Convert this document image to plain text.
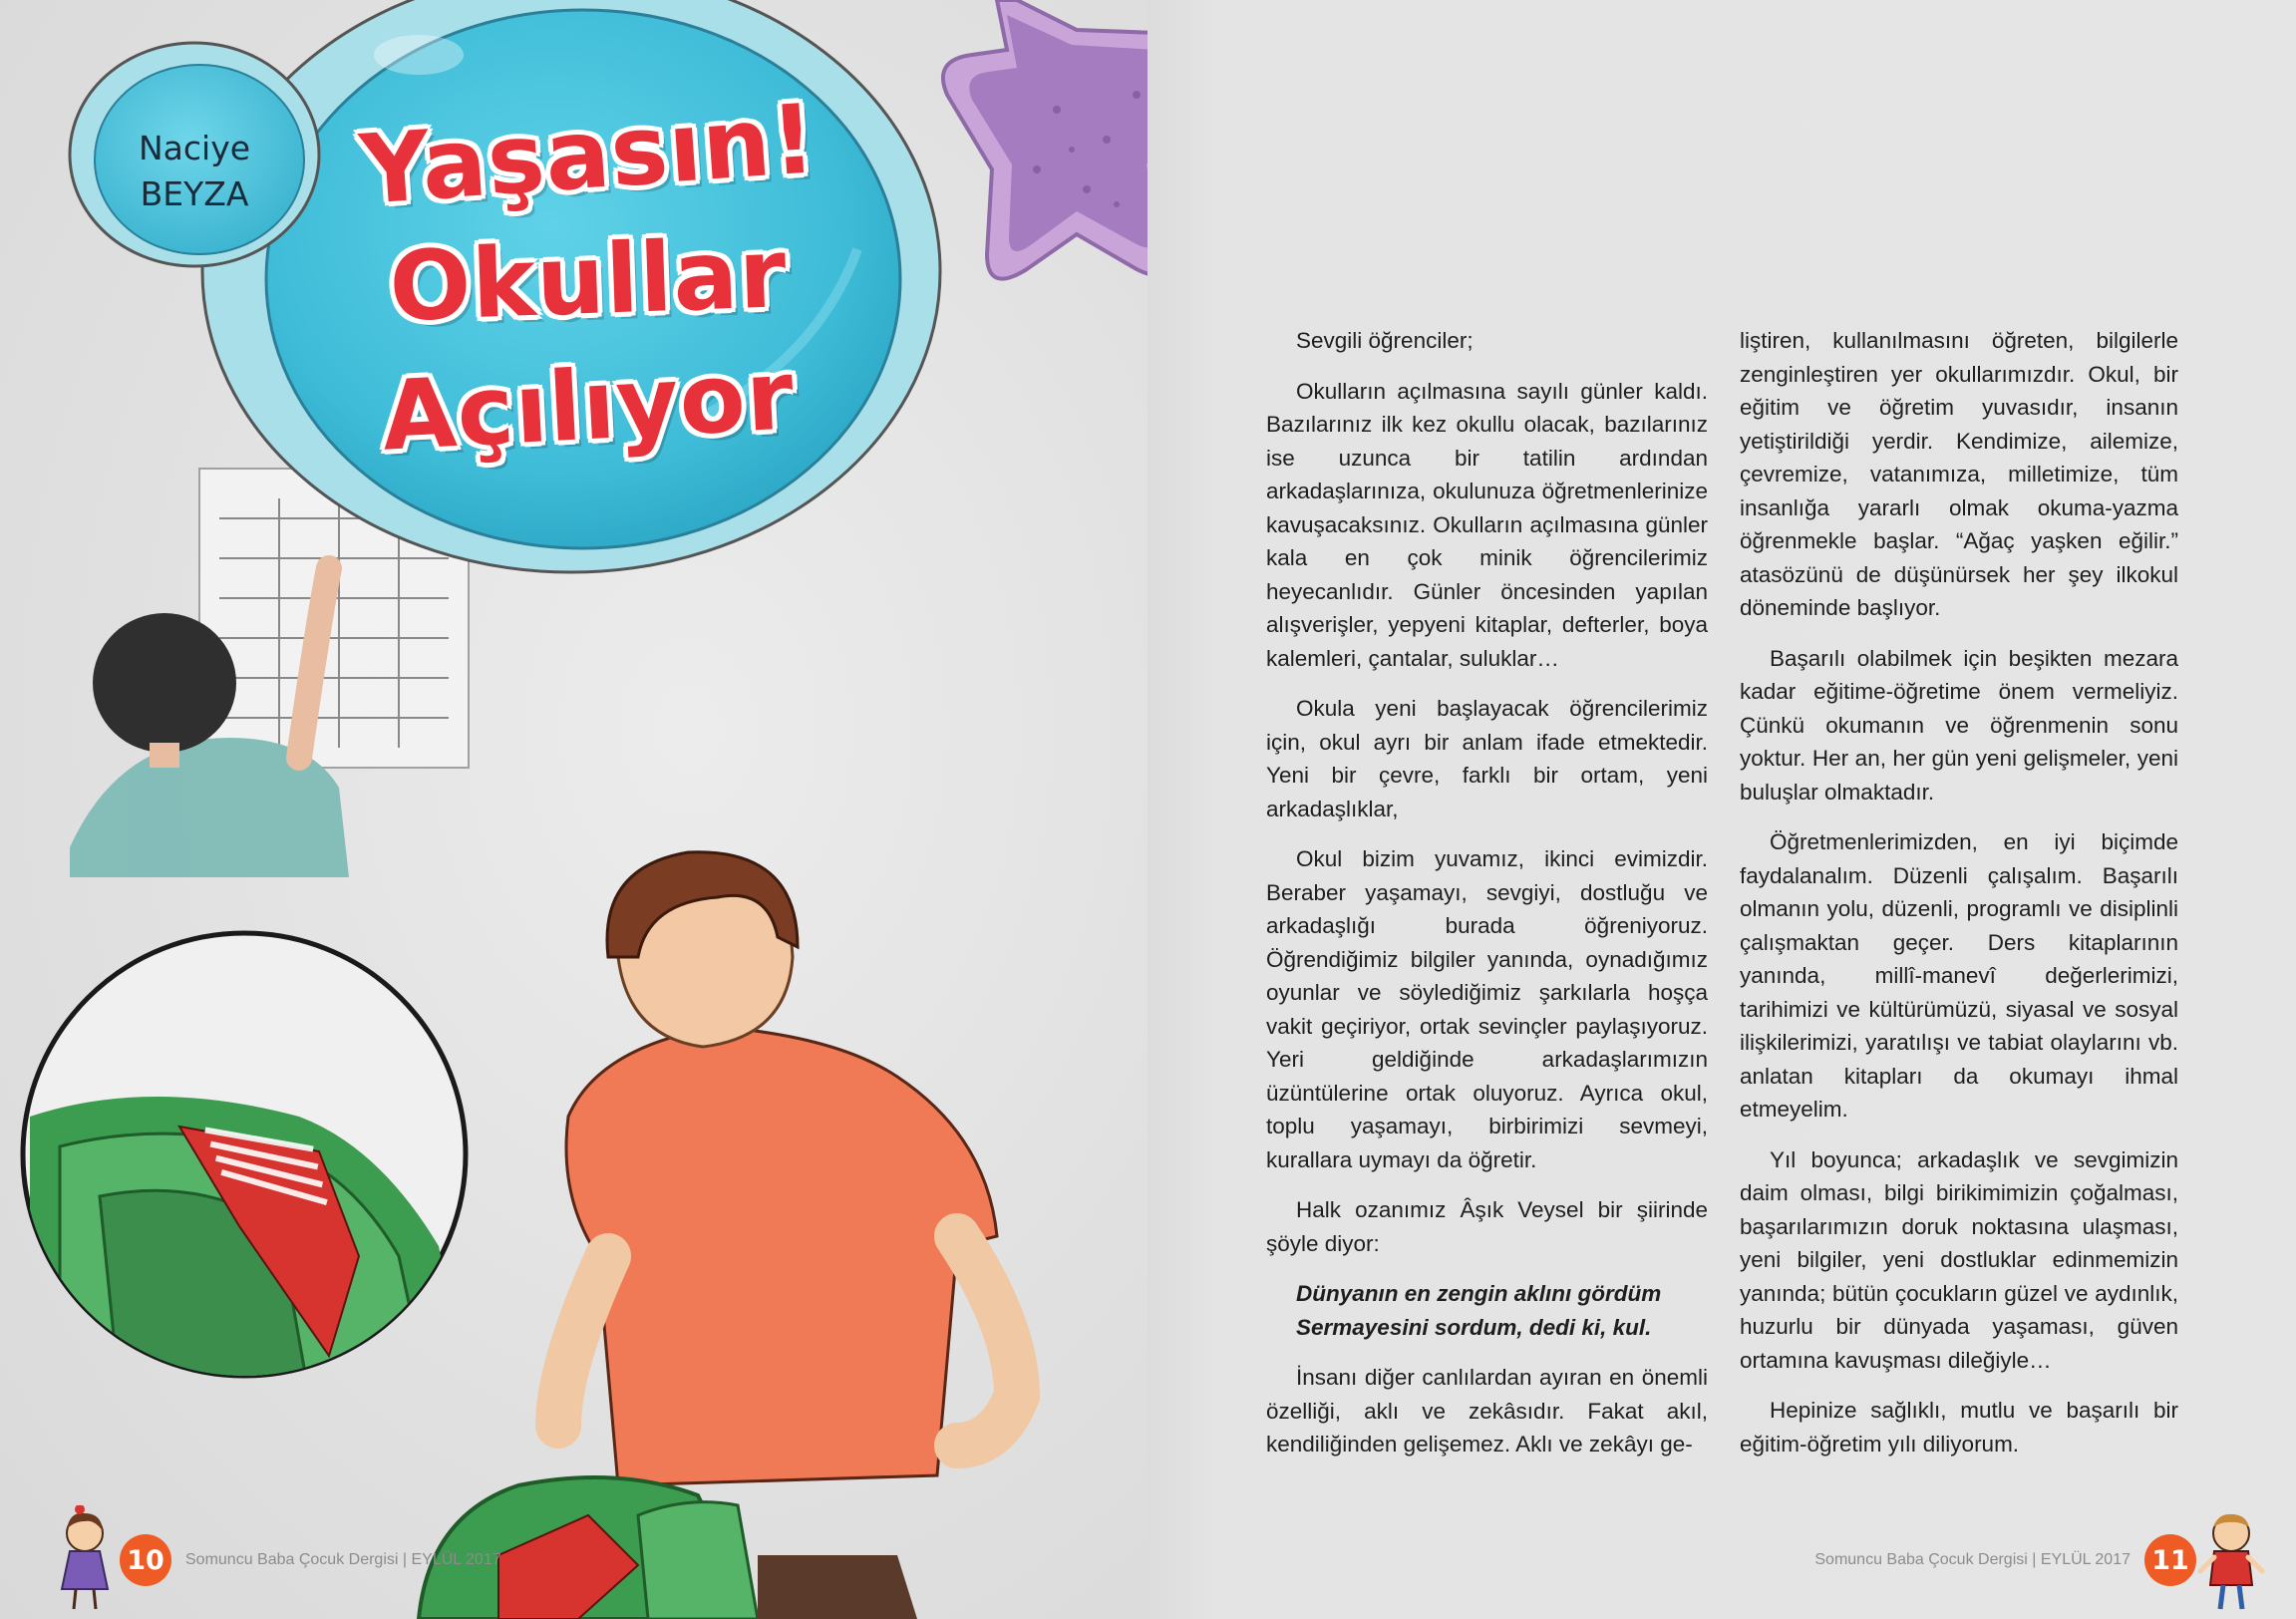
Naciye
BEYZA	Yaşasın!
Okullar
Açılıyor	Sevgili öğrenciler;

Okulların açılmasına sayılı günler kaldı. Bazılarınız ilk kez okullu olacak, bazılarınız ise uzunca bir tatilin ardından arkadaşlarınıza, okulunuza öğretmenlerinize kavuşacaksınız. Okulların açılmasına günler kala en çok minik öğrencilerimiz heyecanlıdır. Günler öncesinden yapılan alışverişler, yepyeni kitaplar, defterler, boya kalemleri, çantalar, suluklar…

Okula yeni başlayacak öğrencilerimiz için, okul ayrı bir anlam ifade etmektedir. Yeni bir çevre, farklı bir ortam, yeni arkadaşlıklar,

Okul bizim yuvamız, ikinci evimizdir. Beraber yaşamayı, sevgiyi, dostluğu ve arkadaşlığı burada öğreniyoruz. Öğrendiğimiz bilgiler yanında, oynadığımız oyunlar ve söylediğimiz şarkılarla hoşça vakit geçiriyor, ortak sevinçler paylaşıyoruz. Yeri geldiğinde arkadaşlarımızın üzüntülerine ortak oluyoruz. Ayrıca okul, toplu yaşamayı, birbirimizi sevmeyi, kurallara uymayı da öğretir.

Halk ozanımız Âşık Veysel bir şiirinde şöyle diyor:

Dünyanın en zengin aklını gördüm

Sermayesini sordum, dedi ki, kul.

İnsanı diğer canlılardan ayıran en önemli özelliği, aklı ve zekâsıdır. Fakat akıl, kendiliğinden gelişemez. Aklı ve zekâyı ge-

liştiren, kullanılmasını öğreten, bilgilerle zenginleştiren yer okullarımızdır. Okul, bir eğitim ve öğretim yuvasıdır, insanın yetiştirildiği yerdir. Kendimize, ailemize, çevremize, vatanımıza, milletimize, tüm insanlığa yararlı olmak okuma-yazma öğrenmekle başlar. “Ağaç yaşken eğilir.” atasözünü de düşünürsek her şey ilkokul döneminde başlıyor.

Başarılı olabilmek için beşikten mezara kadar eğitime-öğretime önem vermeliyiz. Çünkü okumanın ve öğrenmenin sonu yoktur. Her an, her gün yeni gelişmeler, yeni buluşlar olmaktadır.

Öğretmenlerimizden, en iyi biçimde faydalanalım. Düzenli çalışalım. Başarılı olmanın yolu, düzenli, programlı ve disiplinli çalışmaktan geçer. Ders kitaplarının yanında, millî-manevî değerlerimizi, tarihimizi ve kültürümüzü, siyasal ve sosyal ilişkilerimizi, yaratılışı ve tabiat olaylarını vb. anlatan kitapları da okumayı ihmal etmeyelim.

Yıl boyunca; arkadaşlık ve sevgimizin daim olması, bilgi birikimimizin çoğalması, başarılarımızın doruk noktasına ulaşması, yeni bilgiler, yeni dostluklar edinmemizin yanında; bütün çocukların güzel ve aydınlık, huzurlu bir dünyada yaşaması, güven ortamına kavuşması dileğiyle…

Hepinize sağlıklı, mutlu ve başarılı bir eğitim-öğretim yılı diliyorum.

10	Somuncu Baba Çocuk Dergisi | EYLÜL 2017	Somuncu Baba Çocuk Dergisi | EYLÜL 2017 11
